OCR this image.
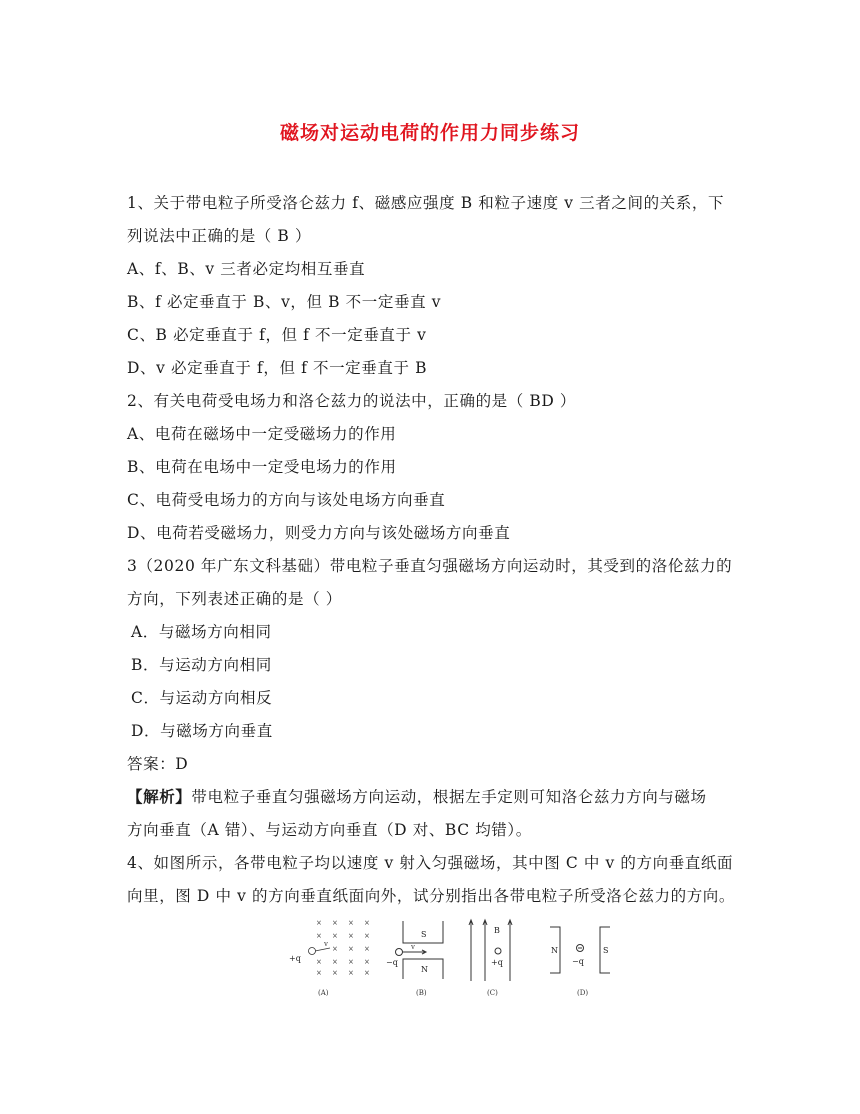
磁场对运动电荷的作用力同步练习
1、关于带电粒子所受洛仑兹力 f、磁感应强度 B 和粒子速度 v 三者之间的关系，下
列说法中正确的是（ B ）
A、f、B、v 三者必定均相互垂直
B、f 必定垂直于 B、v，但 B 不一定垂直 v
C、B 必定垂直于 f，但 f 不一定垂直于 v
D、v 必定垂直于 f，但 f 不一定垂直于 B
2、有关电荷受电场力和洛仑兹力的说法中，正确的是（ BD ）
A、电荷在磁场中一定受磁场力的作用
B、电荷在电场中一定受电场力的作用
C、电荷受电场力的方向与该处电场方向垂直
D、电荷若受磁场力，则受力方向与该处磁场方向垂直
3（2020 年广东文科基础）带电粒子垂直匀强磁场方向运动时，其受到的洛伦兹力的
方向，下列表述正确的是（ ）
A．与磁场方向相同
B．与运动方向相同
C．与运动方向相反
D．与磁场方向垂直
答案：D
【解析】带电粒子垂直匀强磁场方向运动，根据左手定则可知洛仑兹力方向与磁场
方向垂直（A 错）、与运动方向垂直（D 对、BC 均错）。
4、如图所示，各带电粒子均以速度 v 射入匀强磁场，其中图 C 中 v 的方向垂直纸面
向里，图 D 中 v 的方向垂直纸面向外，试分别指出各带电粒子所受洛仑兹力的方向。
× × × ×
× × × ×
× × ×
× × × ×
× × × ×
+q
v
(A)
S
N
−q
v
(B)
B
+q
(C)
N	S
−q
(D)
